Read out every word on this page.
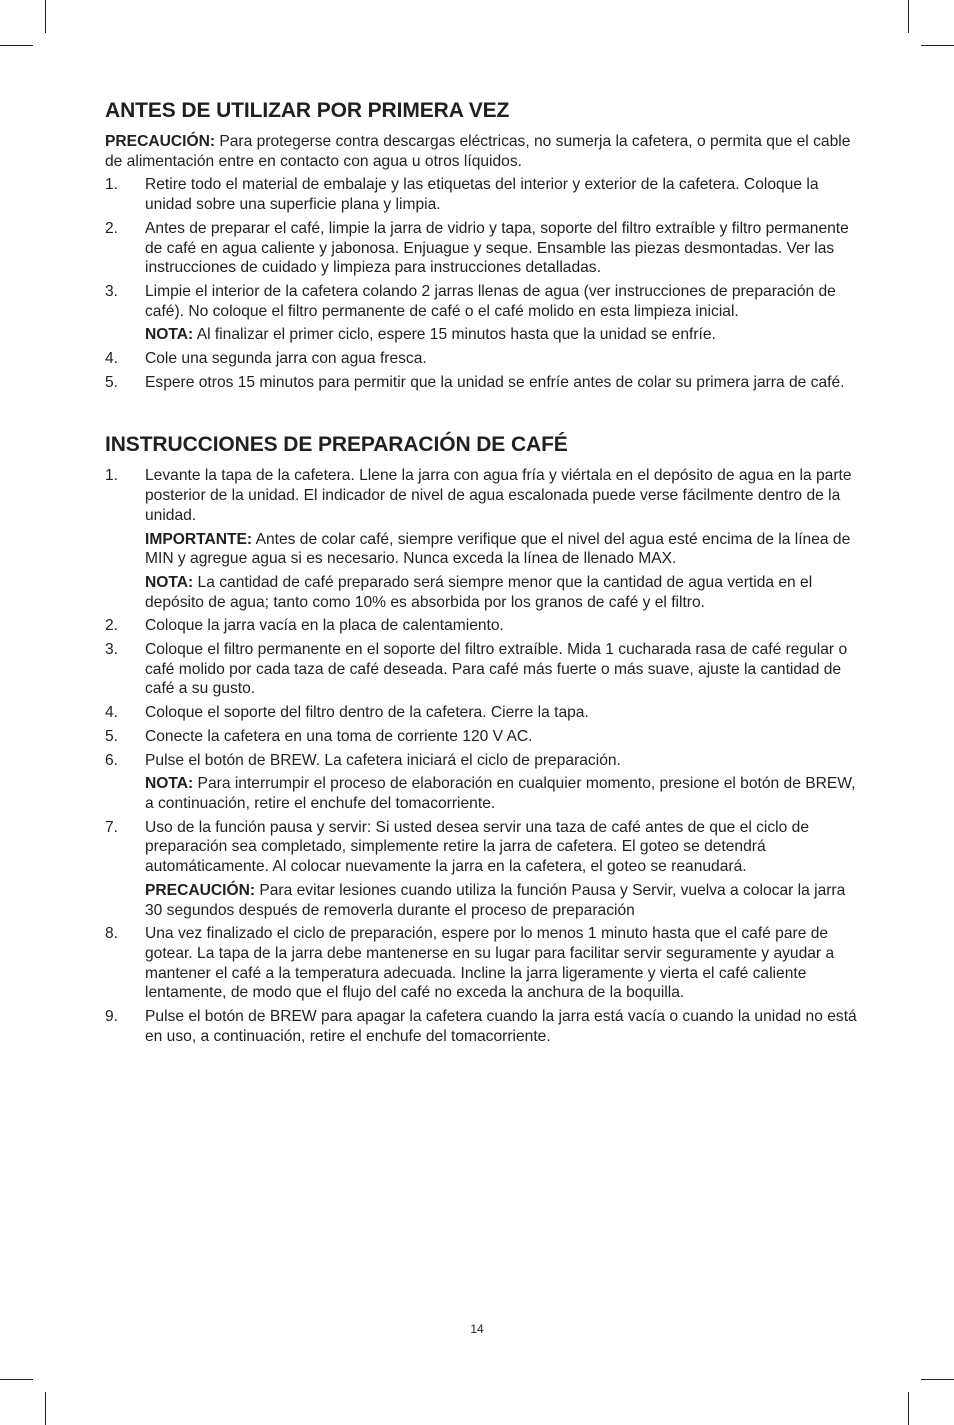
ANTES DE UTILIZAR POR PRIMERA VEZ

PRECAUCIÓN: Para protegerse contra descargas eléctricas, no sumerja la cafetera, o permita que el cable de alimentación entre en contacto con agua u otros líquidos.

1.	Retire todo el material de embalaje y las etiquetas del interior y exterior de la cafetera. Coloque la unidad sobre una superficie plana y limpia.
2.	Antes de preparar el café, limpie la jarra de vidrio y tapa, soporte del filtro extraíble y filtro permanente de café en agua caliente y jabonosa. Enjuague y seque. Ensamble las piezas desmontadas. Ver las instrucciones de cuidado y limpieza para instrucciones detalladas.
3.	Limpie el interior de la cafetera colando 2 jarras llenas de agua (ver instrucciones de preparación de café). No coloque el filtro permanente de café o el café molido en esta limpieza inicial.

NOTA: Al finalizar el primer ciclo, espere 15 minutos hasta que la unidad se enfríe.

4.	Cole una segunda jarra con agua fresca.
5.	Espere otros 15 minutos para permitir que la unidad se enfríe antes de colar su primera jarra de café.
INSTRUCCIONES DE PREPARACIÓN DE CAFÉ
1.	Levante la tapa de la cafetera. Llene la jarra con agua fría y viértala en el depósito de agua en la parte posterior de la unidad. El indicador de nivel de agua escalonada puede verse fácilmente dentro de la unidad.

IMPORTANTE: Antes de colar café, siempre verifique que el nivel del agua esté encima de la línea de MIN y agregue agua si es necesario. Nunca exceda la línea de llenado MAX.

NOTA: La cantidad de café preparado será siempre menor que la cantidad de agua vertida en el depósito de agua; tanto como 10% es absorbida por los granos de café y el filtro.

2.	Coloque la jarra vacía en la placa de calentamiento.
3.	Coloque el filtro permanente en el soporte del filtro extraíble. Mida 1 cucharada rasa de café regular o café molido por cada taza de café deseada. Para café más fuerte o más suave, ajuste la cantidad de café a su gusto.
4.	Coloque el soporte del filtro dentro de la cafetera. Cierre la tapa.
5.	Conecte la cafetera en una toma de corriente 120 V AC.
6.	Pulse el botón de BREW. La cafetera iniciará el ciclo de preparación.

NOTA: Para interrumpir el proceso de elaboración en cualquier momento, presione el botón de BREW, a continuación, retire el enchufe del tomacorriente.

7.	Uso de la función pausa y servir: Si usted desea servir una taza de café antes de que el ciclo de preparación sea completado, simplemente retire la jarra de cafetera. El goteo se detendrá automáticamente. Al colocar nuevamente la jarra en la cafetera, el goteo se reanudará.

PRECAUCIÓN: Para evitar lesiones cuando utiliza la función Pausa y Servir, vuelva a colocar la jarra 30 segundos después de removerla durante el proceso de preparación

8.	Una vez finalizado el ciclo de preparación, espere por lo menos 1 minuto hasta que el café pare de gotear. La tapa de la jarra debe mantenerse en su lugar para facilitar servir seguramente y ayudar a mantener el café a la temperatura adecuada. Incline la jarra ligeramente y vierta el café caliente lentamente, de modo que el flujo del café no exceda la anchura de la boquilla.
9.	Pulse el botón de BREW para apagar la cafetera cuando la jarra está vacía o cuando la unidad no está en uso, a continuación, retire el enchufe del tomacorriente.
14
